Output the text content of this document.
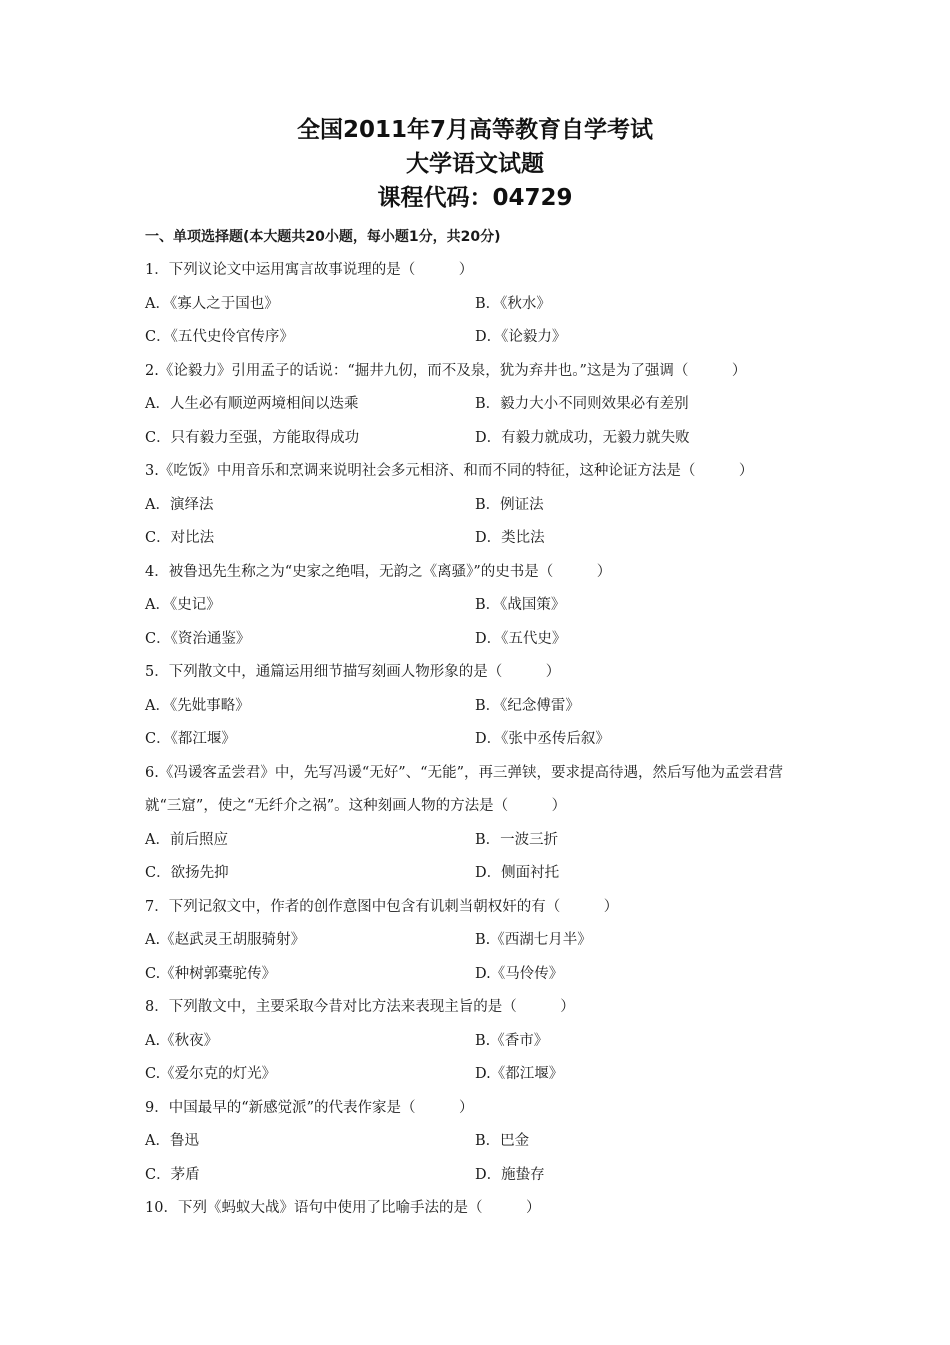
全国2011年7月高等教育自学考试
大学语文试题
课程代码：04729
一、单项选择题(本大题共20小题，每小题1分，共20分)
1．下列议论文中运用寓言故事说理的是（　　　）
A．《寡人之于国也》	B．《秋水》
C．《五代史伶官传序》	D．《论毅力》
2.《论毅力》引用孟子的话说：“掘井九仞，而不及泉，犹为弃井也。”这是为了强调（　　　）
A．人生必有顺逆两境相间以迭乘	B．毅力大小不同则效果必有差别
C．只有毅力至强，方能取得成功	D．有毅力就成功，无毅力就失败
3.《吃饭》中用音乐和烹调来说明社会多元相济、和而不同的特征，这种论证方法是（　　　）
A．演绎法	B．例证法
C．对比法	D．类比法
4．被鲁迅先生称之为“史家之绝唱，无韵之《离骚》”的史书是（　　　）
A．《史记》	B．《战国策》
C．《资治通鉴》	D．《五代史》
5．下列散文中，通篇运用细节描写刻画人物形象的是（　　　）
A．《先妣事略》	B．《纪念傅雷》
C．《都江堰》	D．《张中丞传后叙》
6.《冯谖客孟尝君》中，先写冯谖“无好”、“无能”，再三弹铗，要求提高待遇，然后写他为孟尝君营就“三窟”，使之“无纤介之祸”。这种刻画人物的方法是（　　　）
A．前后照应	B．一波三折
C．欲扬先抑	D．侧面衬托
7．下列记叙文中，作者的创作意图中包含有讥刺当朝权奸的有（　　　）
A.《赵武灵王胡服骑射》	B.《西湖七月半》
C.《种树郭橐驼传》	D.《马伶传》
8．下列散文中，主要采取今昔对比方法来表现主旨的是（　　　）
A.《秋夜》	B.《香市》
C.《爱尔克的灯光》	D.《都江堰》
9．中国最早的“新感觉派”的代表作家是（　　　）
A．鲁迅	B．巴金
C．茅盾	D．施蛰存
10．下列《蚂蚁大战》语句中使用了比喻手法的是（　　　）
